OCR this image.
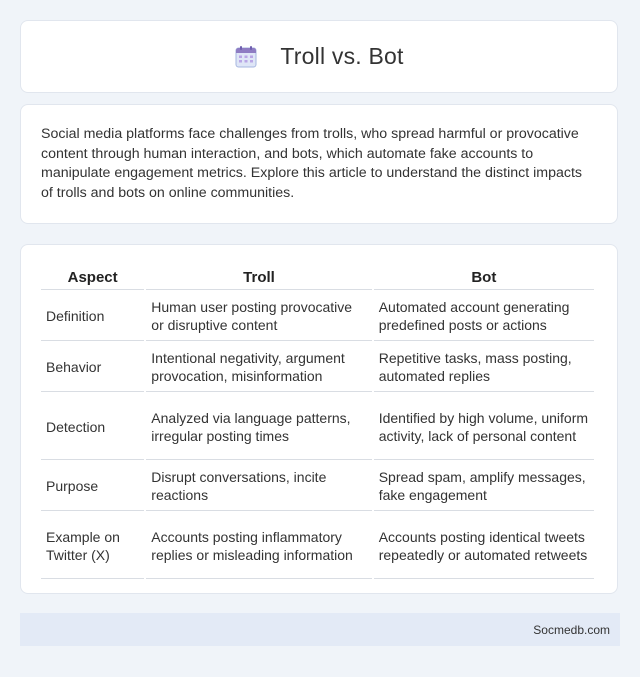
Troll vs. Bot

Social media platforms face challenges from trolls, who spread harmful or provocative content through human interaction, and bots, which automate fake accounts to manipulate engagement metrics. Explore this article to understand the distinct impacts of trolls and bots on online communities.

Aspect	Troll	Bot
Definition	Human user posting provocative or disruptive content	Automated account generating predefined posts or actions
Behavior	Intentional negativity, argument provocation, misinformation	Repetitive tasks, mass posting, automated replies
Detection	Analyzed via language patterns, irregular posting times	Identified by high volume, uniform activity, lack of personal content
Purpose	Disrupt conversations, incite reactions	Spread spam, amplify messages, fake engagement
Example on Twitter (X)	Accounts posting inflammatory replies or misleading information	Accounts posting identical tweets repeatedly or automated retweets
Socmedb.com
